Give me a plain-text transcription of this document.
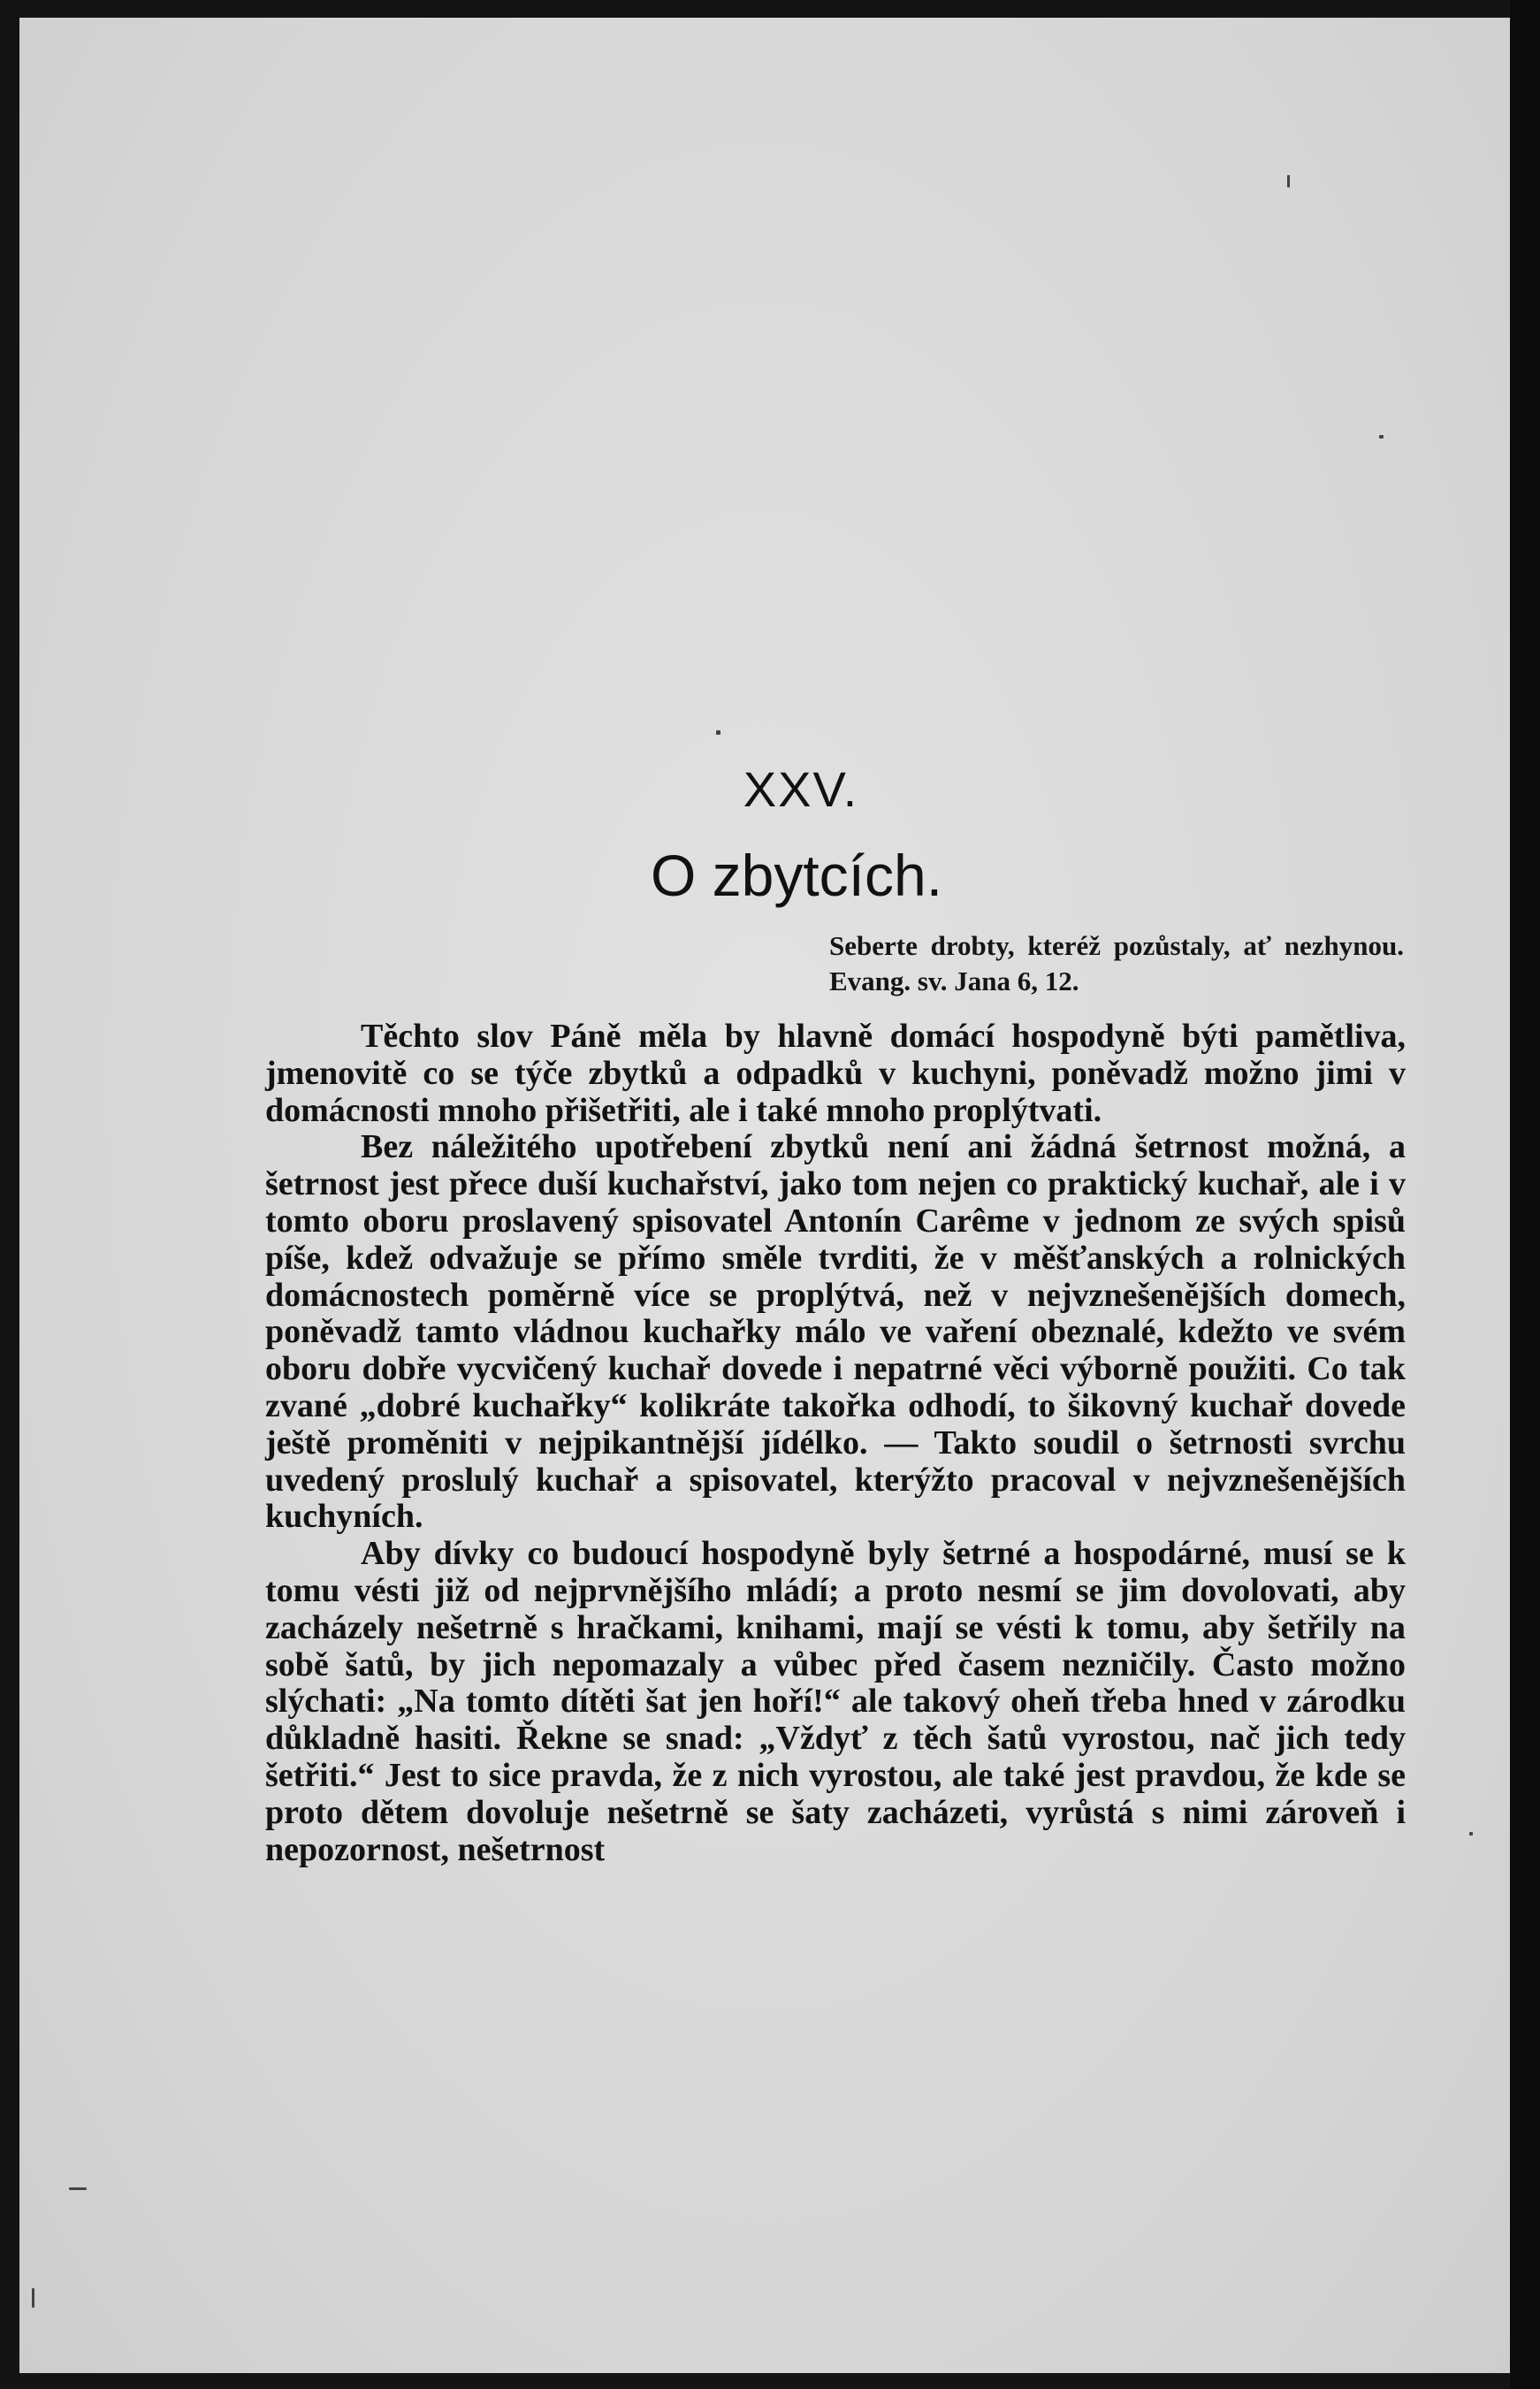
XXV.
O zbytcích.
Seberte drobty, kteréž pozůstaly, ať nezhynou. Evang. sv. Jana 6, 12.

Těchto slov Páně měla by hlavně domácí hospodyně býti pamětliva, jmenovitě co se týče zbytků a odpadků v kuchyni, poněvadž možno jimi v domácnosti mnoho přišetřiti, ale i také mnoho proplýtvati.

Bez náležitého upotřebení zbytků není ani žádná šetrnost možná, a šetrnost jest přece duší kuchařství, jako tom nejen co praktický kuchař, ale i v tomto oboru proslavený spisovatel Antonín Carême v jednom ze svých spisů píše, kdež odvažuje se přímo směle tvrditi, že v měšťanských a rolnických domácnostech poměrně více se proplýtvá, než v nejvznešenějších domech, poněvadž tamto vládnou kuchařky málo ve vaření obeznalé, kdežto ve svém oboru dobře vycvičený kuchař dovede i nepatrné věci výborně použiti. Co tak zvané „dobré kuchařky“ kolikráte takořka odhodí, to šikovný kuchař dovede ještě proměniti v nejpikantnější jídélko. — Takto soudil o šetrnosti svrchu uvedený proslulý kuchař a spisovatel, kterýžto pracoval v nejvznešenějších kuchyních.

Aby dívky co budoucí hospodyně byly šetrné a hospodárné, musí se k tomu vésti již od nejprvnějšího mládí; a proto nesmí se jim dovolovati, aby zacházely nešetrně s hračkami, knihami, mají se vésti k tomu, aby šetřily na sobě šatů, by jich nepomazaly a vůbec před časem nezničily. Často možno slýchati: „Na tomto dítěti šat jen hoří!“ ale takový oheň třeba hned v zárodku důkladně hasiti. Řekne se snad: „Vždyť z těch šatů vyrostou, nač jich tedy šetřiti.“ Jest to sice pravda, že z nich vyrostou, ale také jest pravdou, že kde se proto dětem dovoluje nešetrně se šaty zacházeti, vyrůstá s nimi zároveň i nepozornost, nešetrnost
